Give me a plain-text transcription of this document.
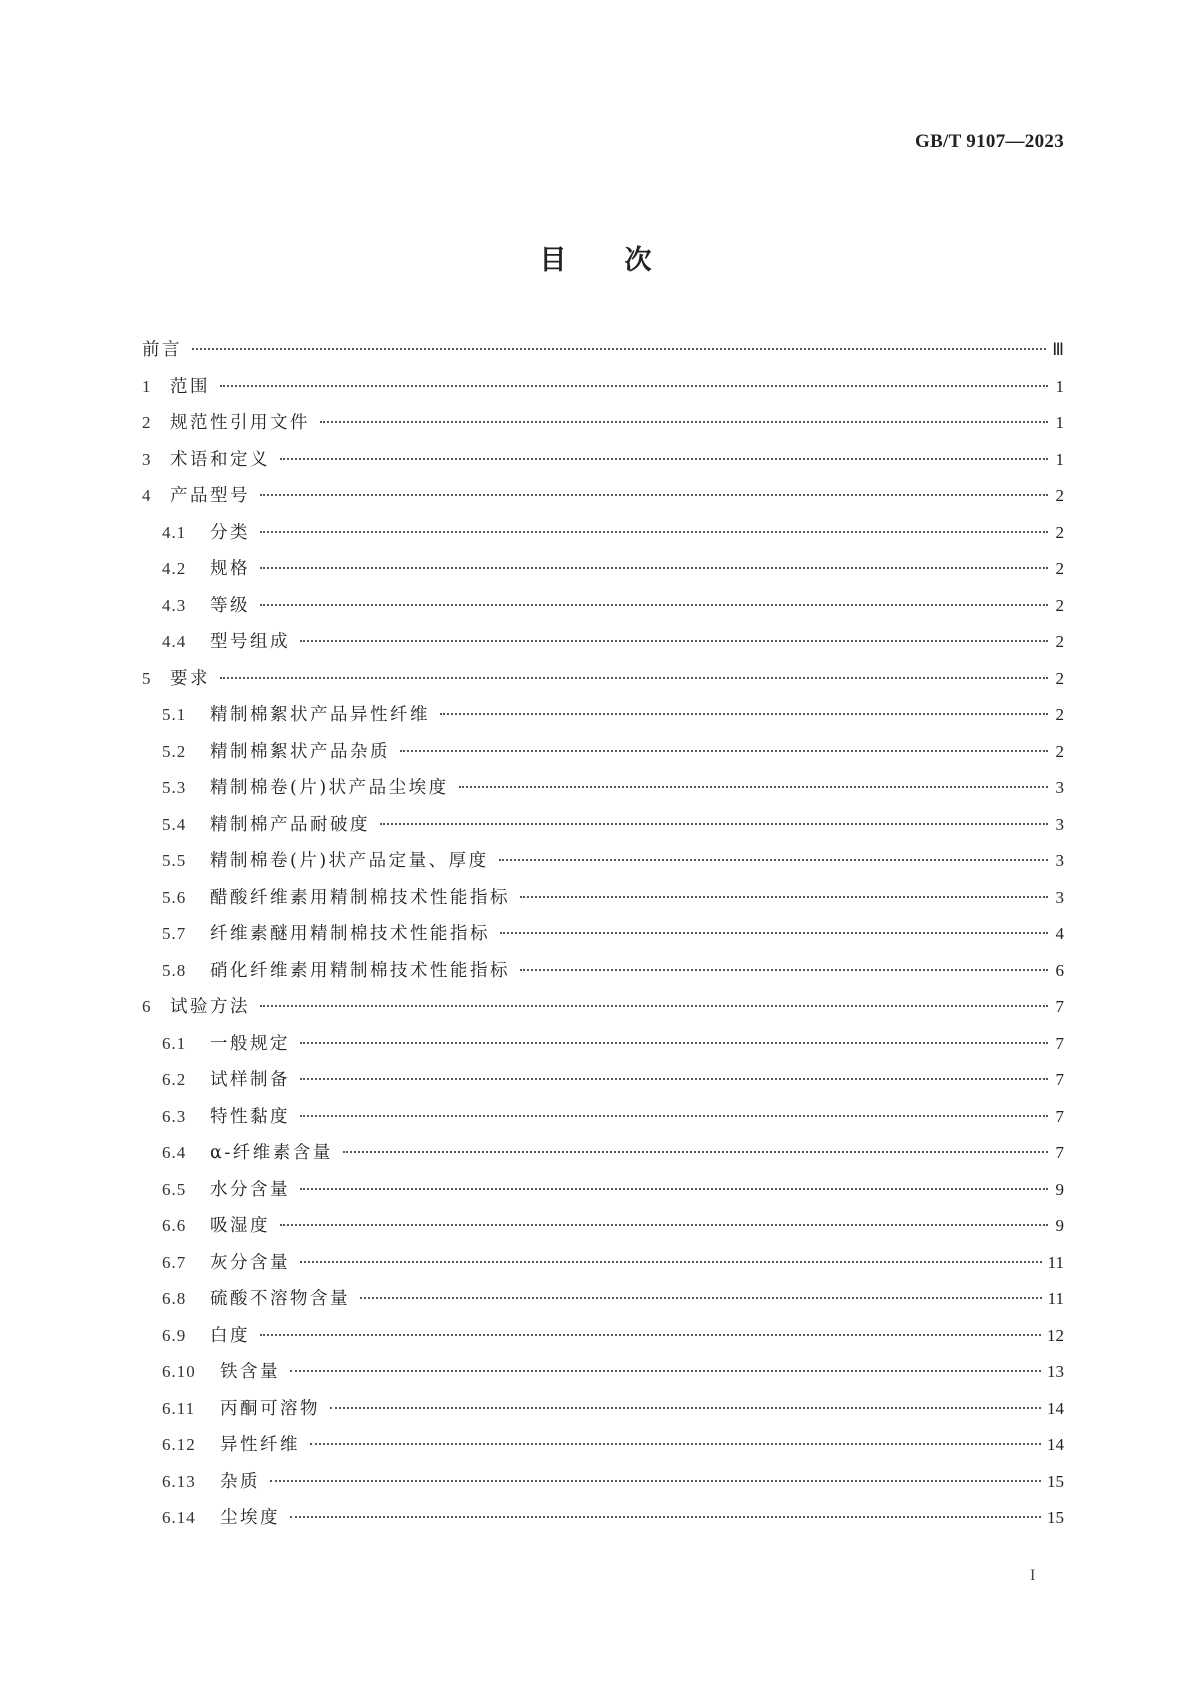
GB/T 9107—2023
目次
前言	Ⅲ
1	范围	1
2	规范性引用文件	1
3	术语和定义	1
4	产品型号	2
4.1	分类	2
4.2	规格	2
4.3	等级	2
4.4	型号组成	2
5	要求	2
5.1	精制棉絮状产品异性纤维	2
5.2	精制棉絮状产品杂质	2
5.3	精制棉卷(片)状产品尘埃度	3
5.4	精制棉产品耐破度	3
5.5	精制棉卷(片)状产品定量、厚度	3
5.6	醋酸纤维素用精制棉技术性能指标	3
5.7	纤维素醚用精制棉技术性能指标	4
5.8	硝化纤维素用精制棉技术性能指标	6
6	试验方法	7
6.1	一般规定	7
6.2	试样制备	7
6.3	特性黏度	7
6.4	α-纤维素含量	7
6.5	水分含量	9
6.6	吸湿度	9
6.7	灰分含量	11
6.8	硫酸不溶物含量	11
6.9	白度	12
6.10	铁含量	13
6.11	丙酮可溶物	14
6.12	异性纤维	14
6.13	杂质	15
6.14	尘埃度	15
I
